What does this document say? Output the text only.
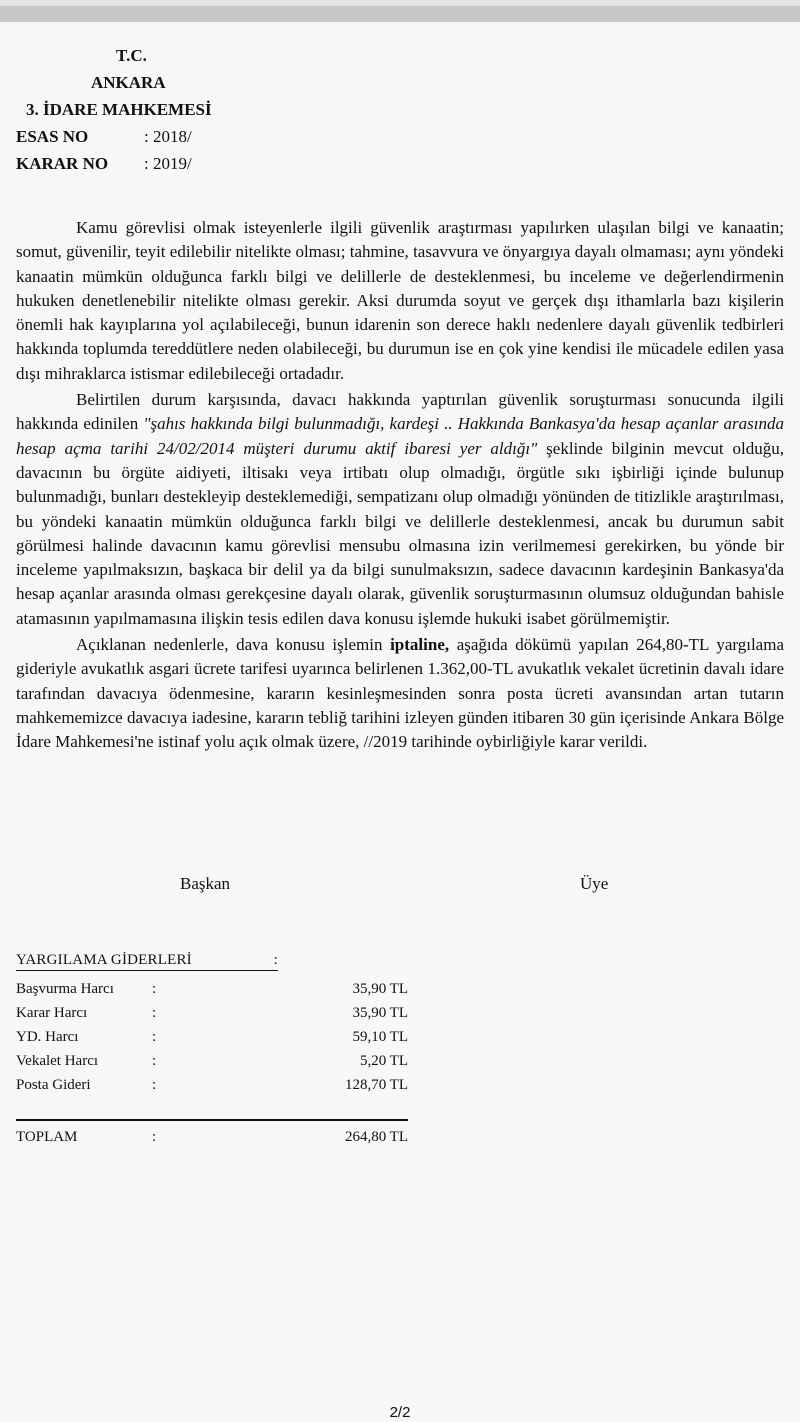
T.C.
ANKARA
3. İDARE MAHKEMESİ
ESAS NO	: 2018/
KARAR NO	: 2019/

Kamu görevlisi olmak isteyenlerle ilgili güvenlik araştırması yapılırken ulaşılan bilgi ve kanaatin; somut, güvenilir, teyit edilebilir nitelikte olması; tahmine, tasavvura ve önyargıya dayalı olmaması; aynı yöndeki kanaatin mümkün olduğunca farklı bilgi ve delillerle de desteklenmesi, bu inceleme ve değerlendirmenin hukuken denetlenebilir nitelikte olması gerekir. Aksi durumda soyut ve gerçek dışı ithamlarla bazı kişilerin önemli hak kayıplarına yol açılabileceği, bunun idarenin son derece haklı nedenlere dayalı güvenlik tedbirleri hakkında toplumda tereddütlere neden olabileceği, bu durumun ise en çok yine kendisi ile mücadele edilen yasa dışı mihraklarca istismar edilebileceği ortadadır.

Belirtilen durum karşısında, davacı hakkında yaptırılan güvenlik soruşturması sonucunda ilgili hakkında edinilen "şahıs hakkında bilgi bulunmadığı, kardeşi .. Hakkında Bankasya'da hesap açanlar arasında hesap açma tarihi 24/02/2014 müşteri durumu aktif ibaresi yer aldığı" şeklinde bilginin mevcut olduğu, davacının bu örgüte aidiyeti, iltisakı veya irtibatı olup olmadığı, örgütle sıkı işbirliği içinde bulunup bulunmadığı, bunları destekleyip desteklemediği, sempatizanı olup olmadığı yönünden de titizlikle araştırılması, bu yöndeki kanaatin mümkün olduğunca farklı bilgi ve delillerle desteklenmesi, ancak bu durumun sabit görülmesi halinde davacının kamu görevlisi mensubu olmasına izin verilmemesi gerekirken, bu yönde bir inceleme yapılmaksızın, başkaca bir delil ya da bilgi sunulmaksızın, sadece davacının kardeşinin Bankasya'da hesap açanlar arasında olması gerekçesine dayalı olarak, güvenlik soruşturmasının olumsuz olduğundan bahisle atamasının yapılmamasına ilişkin tesis edilen dava konusu işlemde hukuki isabet görülmemiştir.

Açıklanan nedenlerle, dava konusu işlemin iptaline, aşağıda dökümü yapılan 264,80-TL yargılama gideriyle avukatlık asgari ücrete tarifesi uyarınca belirlenen 1.362,00-TL avukatlık vekalet ücretinin davalı idare tarafından davacıya ödenmesine, kararın kesinleşmesinden sonra posta ücreti avansından artan tutarın mahkememizce davacıya iadesine, kararın tebliğ tarihini izleyen günden itibaren 30 gün içerisinde Ankara Bölge İdare Mahkemesi'ne istinaf yolu açık olmak üzere, //2019 tarihinde oybirliğiyle karar verildi.

Başkan	Üye
YARGILAMA GİDERLERİ	:
Başvurma Harcı	:	35,90 TL
Karar Harcı	:	35,90 TL
YD. Harcı	:	59,10 TL
Vekalet Harcı	:	5,20 TL
Posta Gideri	:	128,70 TL
TOPLAM	:	264,80 TL
2/2
